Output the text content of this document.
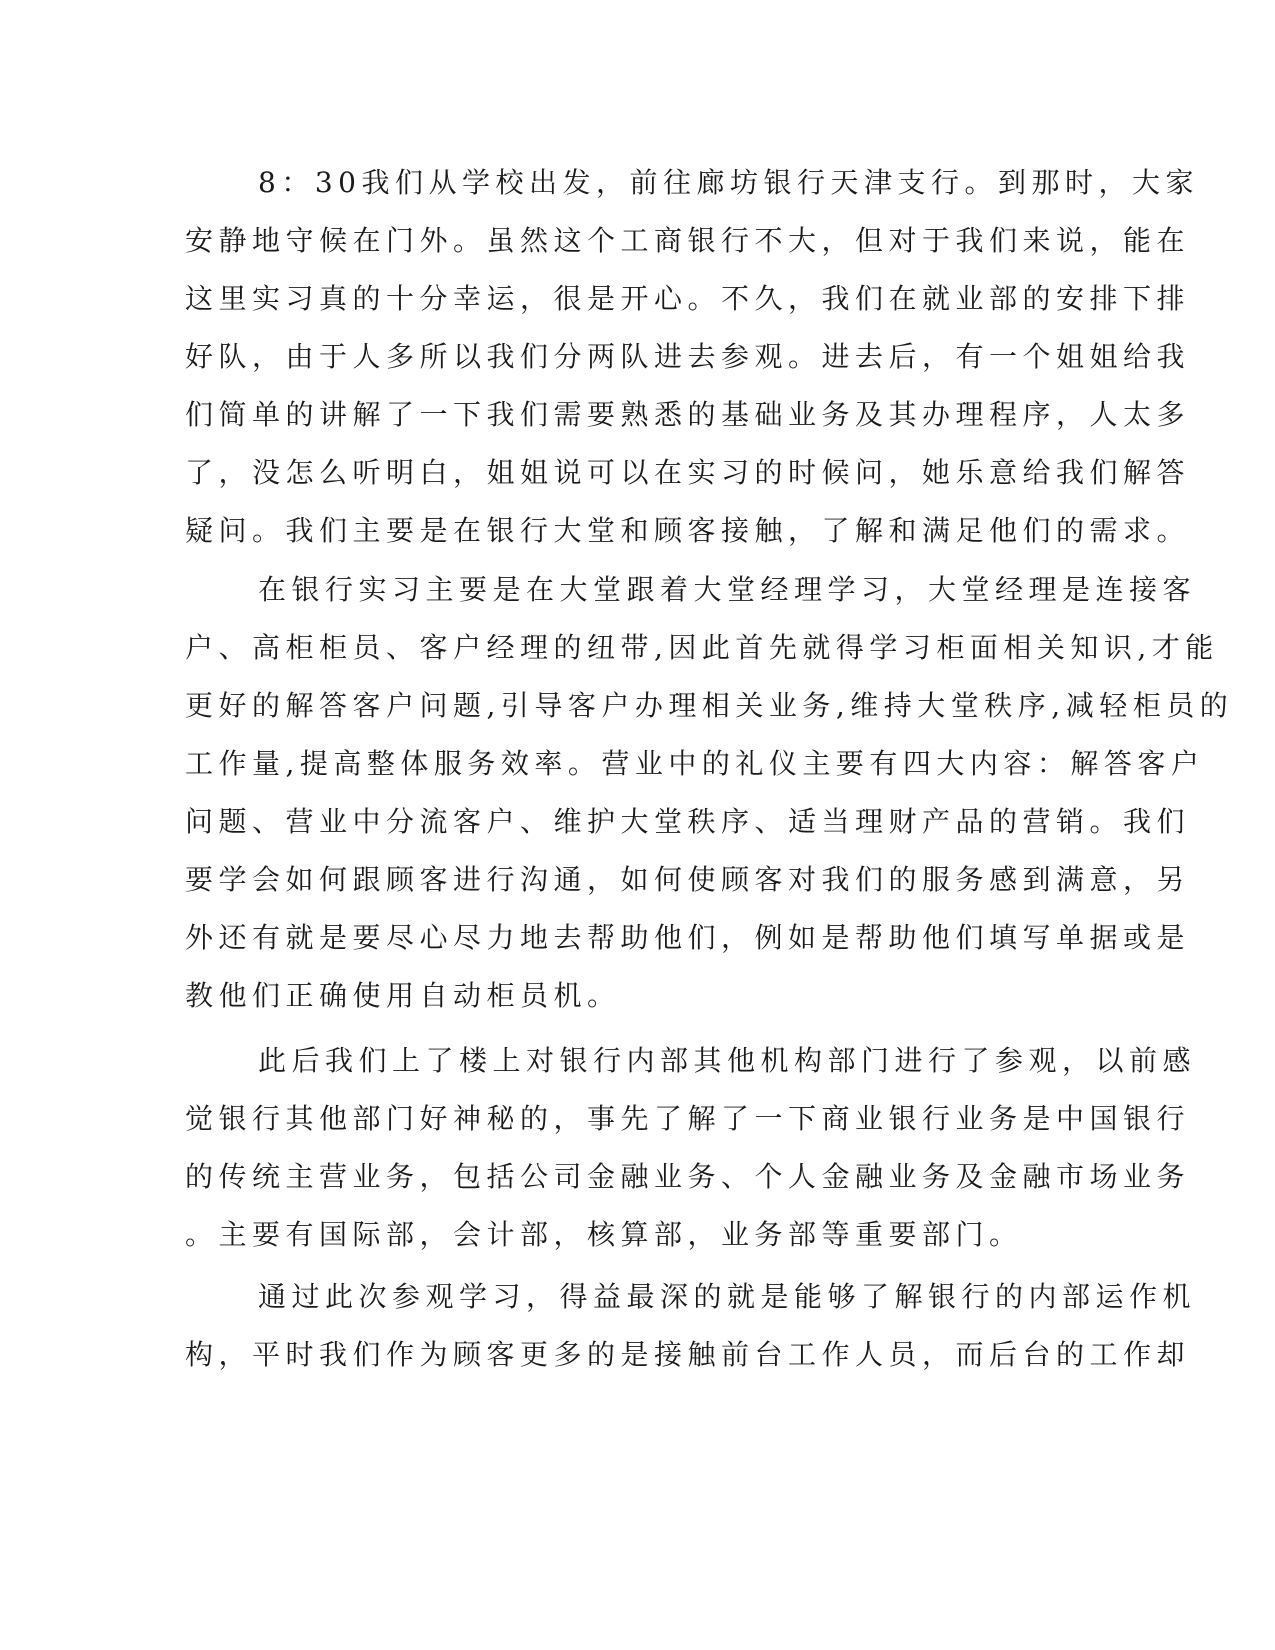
8：30我们从学校出发，前往廊坊银行天津支行。到那时，大家
安静地守候在门外。虽然这个工商银行不大，但对于我们来说，能在
这里实习真的十分幸运，很是开心。不久，我们在就业部的安排下排
好队，由于人多所以我们分两队进去参观。进去后，有一个姐姐给我
们简单的讲解了一下我们需要熟悉的基础业务及其办理程序，人太多
了，没怎么听明白，姐姐说可以在实习的时候问，她乐意给我们解答
疑问。我们主要是在银行大堂和顾客接触，了解和满足他们的需求。
在银行实习主要是在大堂跟着大堂经理学习，大堂经理是连接客
户、高柜柜员、客户经理的纽带,因此首先就得学习柜面相关知识,才能
更好的解答客户问题,引导客户办理相关业务,维持大堂秩序,减轻柜员的
工作量,提高整体服务效率。营业中的礼仪主要有四大内容：解答客户
问题、营业中分流客户、维护大堂秩序、适当理财产品的营销。我们
要学会如何跟顾客进行沟通，如何使顾客对我们的服务感到满意，另
外还有就是要尽心尽力地去帮助他们，例如是帮助他们填写单据或是
教他们正确使用自动柜员机。
此后我们上了楼上对银行内部其他机构部门进行了参观，以前感
觉银行其他部门好神秘的，事先了解了一下商业银行业务是中国银行
的传统主营业务，包括公司金融业务、个人金融业务及金融市场业务
。主要有国际部，会计部，核算部，业务部等重要部门。
通过此次参观学习，得益最深的就是能够了解银行的内部运作机
构，平时我们作为顾客更多的是接触前台工作人员，而后台的工作却
